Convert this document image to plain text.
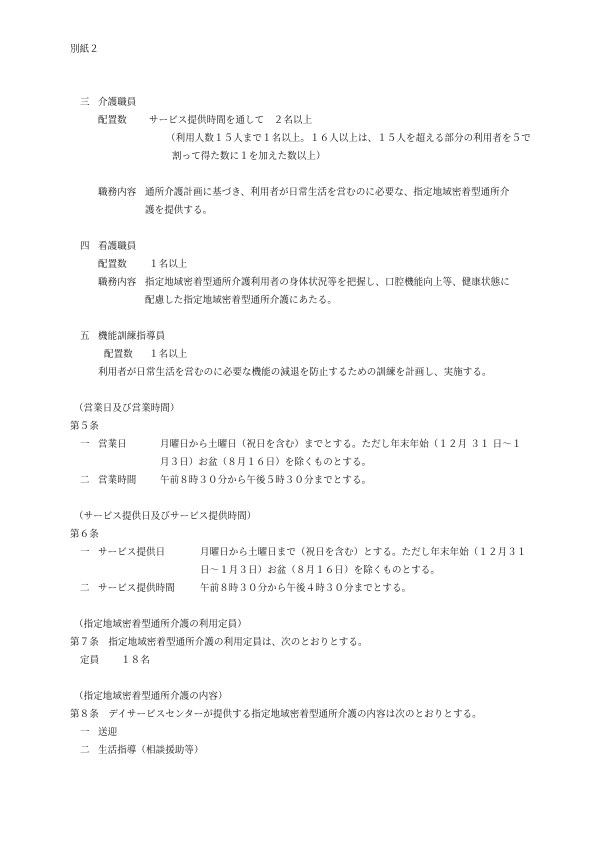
別紙２
三 介護職員
配置数 サービス提供時間を通して　２名以上
（利用人数１５人まで１名以上。１６人以上は、１５人を超える部分の利用者を５で
割って得た数に１を加えた数以上）
職務内容 通所介護計画に基づき、利用者が日常生活を営むのに必要な、指定地域密着型通所介
護を提供する。
四 看護職員
配置数 １名以上
職務内容 指定地域密着型通所介護利用者の身体状況等を把握し、口腔機能向上等、健康状態に
配慮した指定地域密着型通所介護にあたる。
五 機能訓練指導員
配置数 １名以上
利用者が日常生活を営むのに必要な機能の減退を防止するための訓練を計画し、実施する。
（営業日及び営業時間）
第５条
一 営業日	月曜日から土曜日（祝日を含む）までとする。ただし年末年始（１２月 ３１ 日～１
月３日）お盆（８月１６日）を除くものとする。
二 営業時間 午前８時３０分から午後５時３０分までとする。
（サービス提供日及びサービス提供時間）
第６条
一 サービス提供日	月曜日から土曜日まで（祝日を含む）とする。ただし年末年始（１２月３１
日～１月３日）お盆（８月１６日）を除くものとする。
二 サービス提供時間	午前８時３０分から午後４時３０分までとする。
（指定地域密着型通所介護の利用定員）
第７条　指定地域密着型通所介護の利用定員は、次のとおりとする。
定員 １８名
（指定地域密着型通所介護の内容）
第８条　デイサービスセンターが提供する指定地域密着型通所介護の内容は次のとおりとする。
一 送迎
二 生活指導（相談援助等）
